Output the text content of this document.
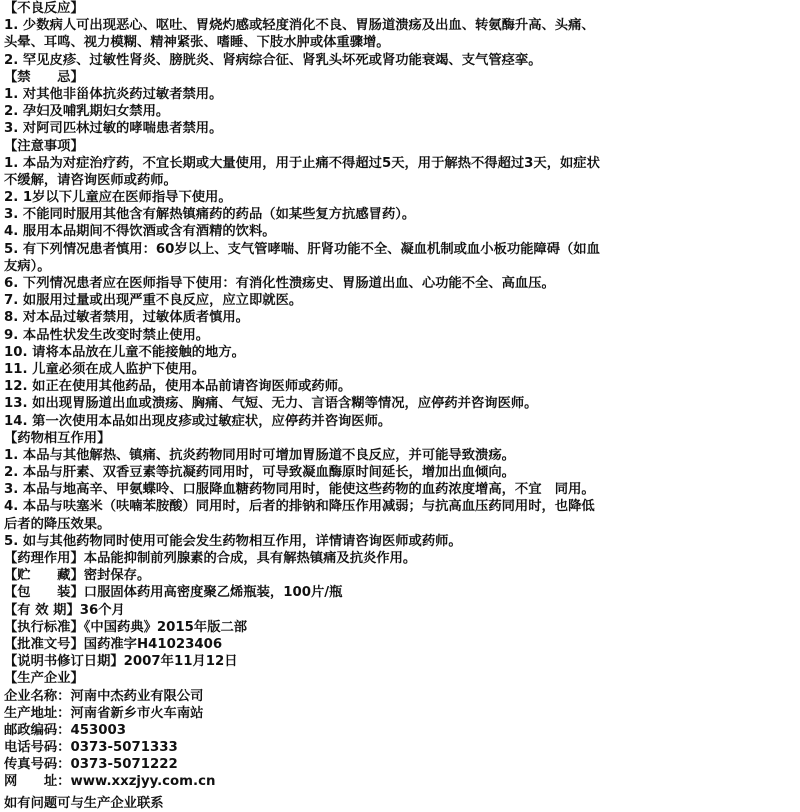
【不良反应】
1. 少数病人可出现恶心、呕吐、胃烧灼感或轻度消化不良、胃肠道溃疡及出血、转氨酶升高、头痛、
头晕、耳鸣、视力模糊、精神紧张、嗜睡、下肢水肿或体重骤增。
2. 罕见皮疹、过敏性肾炎、膀胱炎、肾病综合征、肾乳头坏死或肾功能衰竭、支气管痉挛。
【禁　　忌】
1. 对其他非甾体抗炎药过敏者禁用。
2. 孕妇及哺乳期妇女禁用。
3. 对阿司匹林过敏的哮喘患者禁用。
【注意事项】
1. 本品为对症治疗药，不宜长期或大量使用，用于止痛不得超过5天，用于解热不得超过3天，如症状
不缓解，请咨询医师或药师。
2. 1岁以下儿童应在医师指导下使用。
3. 不能同时服用其他含有解热镇痛药的药品（如某些复方抗感冒药）。
4. 服用本品期间不得饮酒或含有酒精的饮料。
5. 有下列情况患者慎用：60岁以上、支气管哮喘、肝肾功能不全、凝血机制或血小板功能障碍（如血
友病）。
6. 下列情况患者应在医师指导下使用：有消化性溃疡史、胃肠道出血、心功能不全、高血压。
7. 如服用过量或出现严重不良反应，应立即就医。
8. 对本品过敏者禁用，过敏体质者慎用。
9. 本品性状发生改变时禁止使用。
10. 请将本品放在儿童不能接触的地方。
11. 儿童必须在成人监护下使用。
12. 如正在使用其他药品，使用本品前请咨询医师或药师。
13. 如出现胃肠道出血或溃疡、胸痛、气短、无力、言语含糊等情况，应停药并咨询医师。
14. 第一次使用本品如出现皮疹或过敏症状，应停药并咨询医师。
【药物相互作用】
1. 本品与其他解热、镇痛、抗炎药物同用时可增加胃肠道不良反应，并可能导致溃疡。
2. 本品与肝素、双香豆素等抗凝药同用时，可导致凝血酶原时间延长，增加出血倾向。
3. 本品与地高辛、甲氨蝶呤、口服降血糖药物同用时，能使这些药物的血药浓度增高，不宜　同用。
4. 本品与呋塞米（呋喃苯胺酸）同用时，后者的排钠和降压作用减弱；与抗高血压药同用时，也降低
后者的降压效果。
5. 如与其他药物同时使用可能会发生药物相互作用，详情请咨询医师或药师。
【药理作用】本品能抑制前列腺素的合成，具有解热镇痛及抗炎作用。
【贮　　藏】密封保存。
【包　　装】口服固体药用高密度聚乙烯瓶装，100片/瓶
【有 效 期】36个月
【执行标准】《中国药典》2015年版二部
【批准文号】国药准字H41023406
【说明书修订日期】2007年11月12日
【生产企业】
企业名称：河南中杰药业有限公司
生产地址：河南省新乡市火车南站
邮政编码：453003
电话号码：0373-5071333
传真号码：0373-5071222
网　　址：www.xxzjyy.com.cn
如有问题可与生产企业联系
